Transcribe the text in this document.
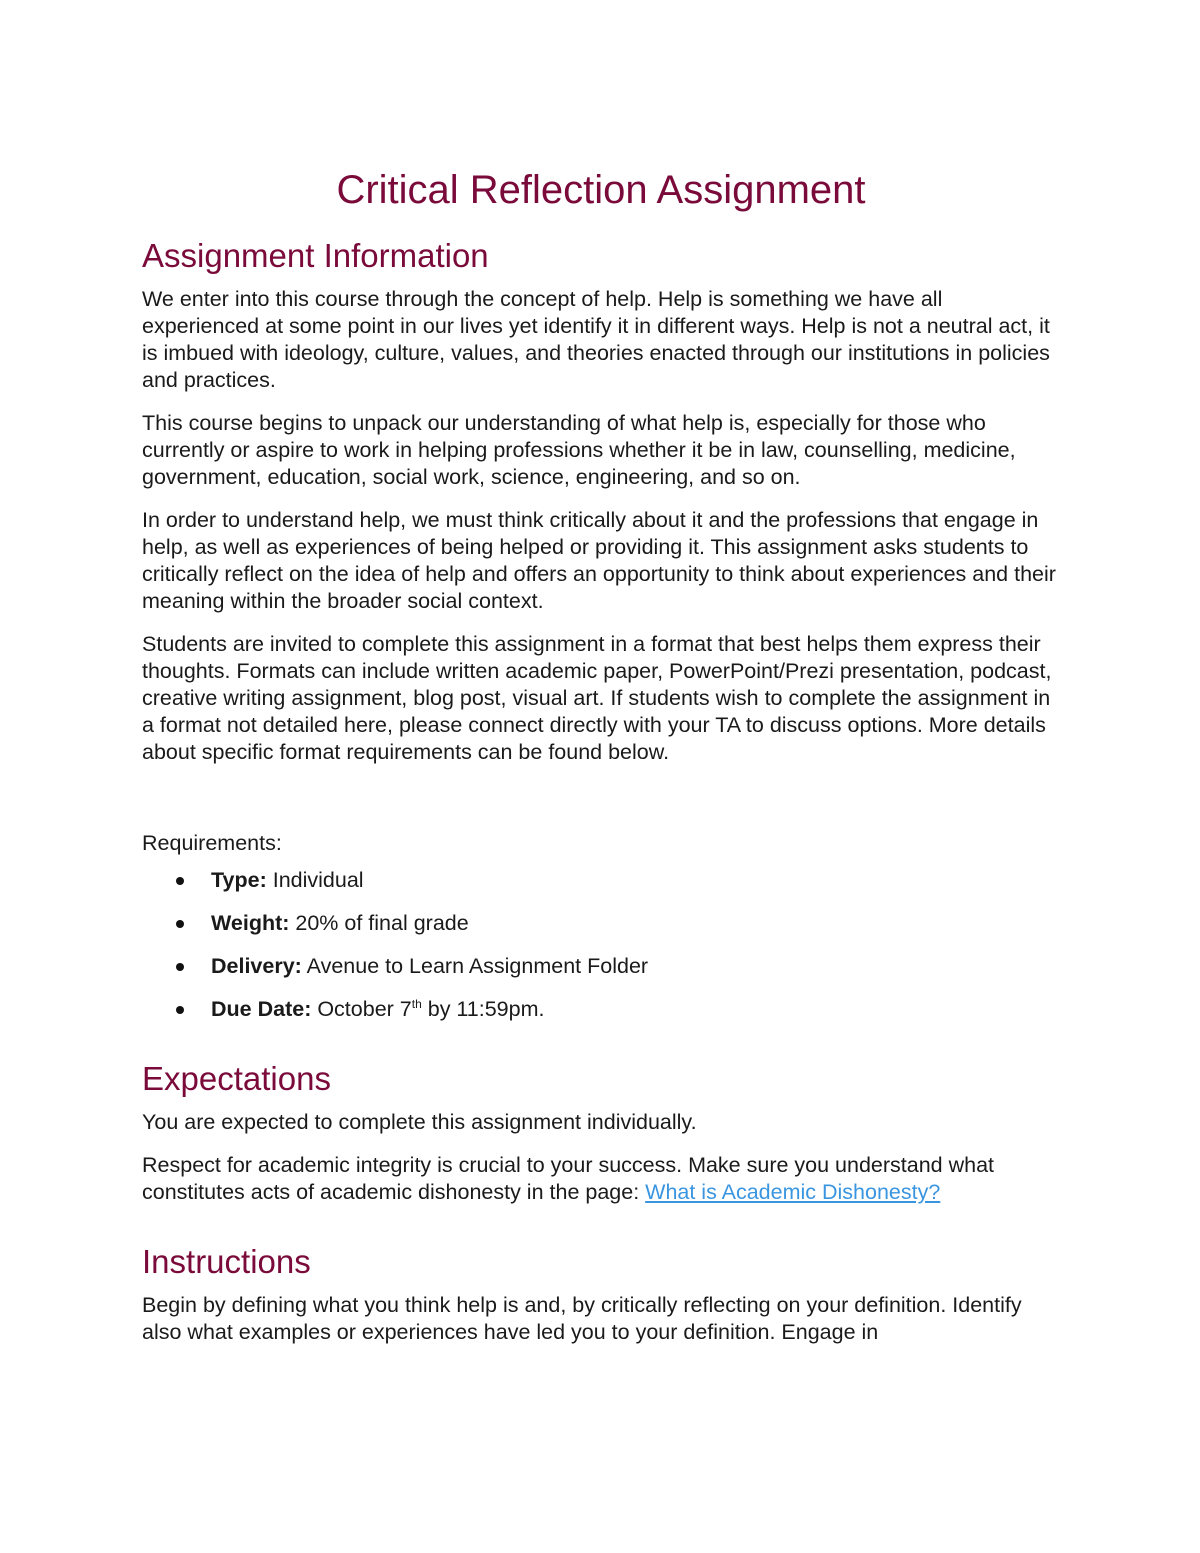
Critical Reflection Assignment
Assignment Information

We enter into this course through the concept of help. Help is something we have all experienced at some point in our lives yet identify it in different ways. Help is not a neutral act, it is imbued with ideology, culture, values, and theories enacted through our institutions in policies and practices.

This course begins to unpack our understanding of what help is, especially for those who currently or aspire to work in helping professions whether it be in law, counselling, medicine, government, education, social work, science, engineering, and so on.

In order to understand help, we must think critically about it and the professions that engage in help, as well as experiences of being helped or providing it. This assignment asks students to critically reflect on the idea of help and offers an opportunity to think about experiences and their meaning within the broader social context.

Students are invited to complete this assignment in a format that best helps them express their thoughts. Formats can include written academic paper, PowerPoint/Prezi presentation, podcast, creative writing assignment, blog post, visual art. If students wish to complete the assignment in a format not detailed here, please connect directly with your TA to discuss options. More details about specific format requirements can be found below.

Requirements:

Type: Individual
Weight: 20% of final grade
Delivery: Avenue to Learn Assignment Folder
Due Date: October 7th by 11:59pm.
Expectations

You are expected to complete this assignment individually.

Respect for academic integrity is crucial to your success. Make sure you understand what constitutes acts of academic dishonesty in the page: What is Academic Dishonesty?

Instructions

Begin by defining what you think help is and, by critically reflecting on your definition. Identify also what examples or experiences have led you to your definition. Engage in
